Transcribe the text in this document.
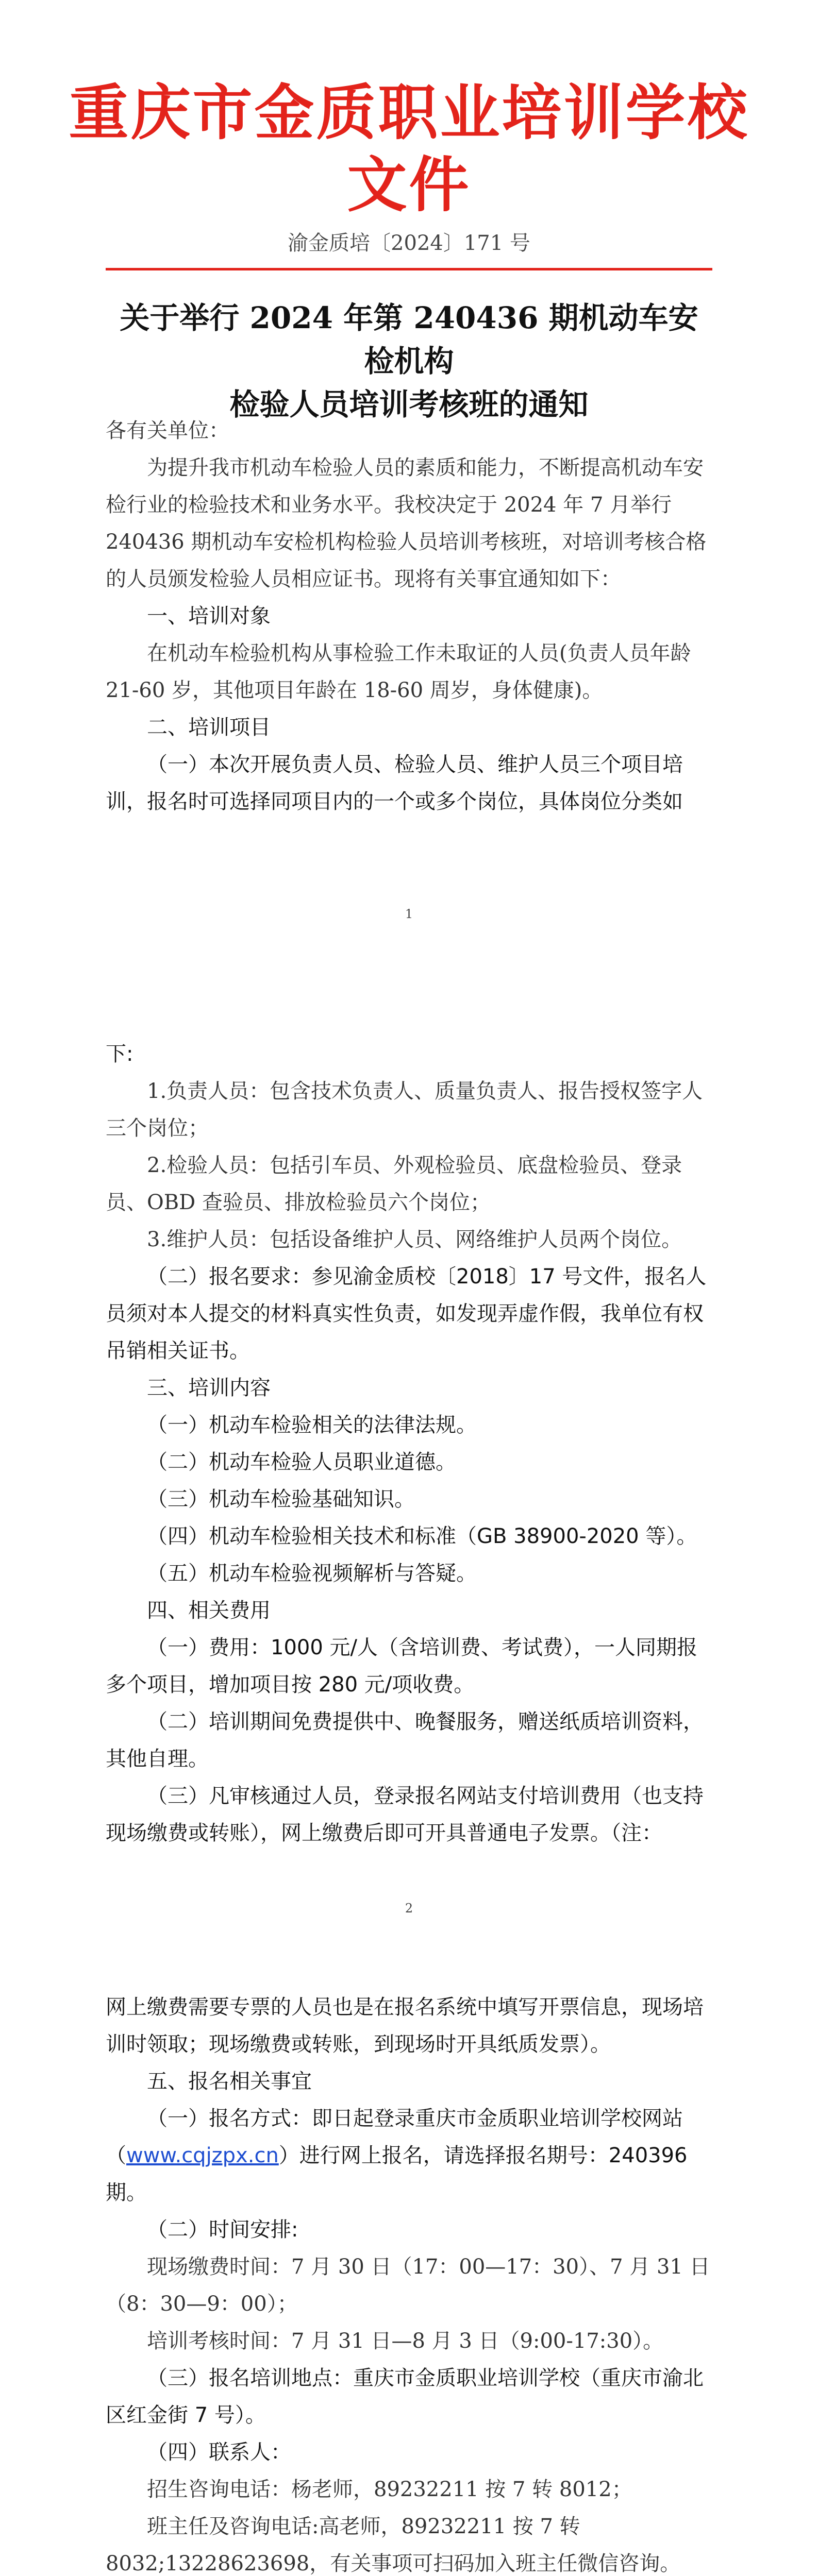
重庆市金质职业培训学校文件
渝金质培〔2024〕171 号
关于举行 2024 年第 240436 期机动车安检机构
检验人员培训考核班的通知

各有关单位：

为提升我市机动车检验人员的素质和能力，不断提高机动车安检行业的检验技术和业务水平。我校决定于 2024 年 7 月举行 240436 期机动车安检机构检验人员培训考核班，对培训考核合格的人员颁发检验人员相应证书。现将有关事宜通知如下：

一、培训对象

在机动车检验机构从事检验工作未取证的人员(负责人员年龄 21-60 岁，其他项目年龄在 18-60 周岁，身体健康)。

二、培训项目

（一）本次开展负责人员、检验人员、维护人员三个项目培训，报名时可选择同项目内的一个或多个岗位，具体岗位分类如

1

下:

1.负责人员：包含技术负责人、质量负责人、报告授权签字人三个岗位；

2.检验人员：包括引车员、外观检验员、底盘检验员、登录员、OBD 查验员、排放检验员六个岗位；

3.维护人员：包括设备维护人员、网络维护人员两个岗位。

（二）报名要求：参见渝金质校〔2018〕17 号文件，报名人员须对本人提交的材料真实性负责，如发现弄虚作假，我单位有权吊销相关证书。

三、培训内容

（一）机动车检验相关的法律法规。

（二）机动车检验人员职业道德。

（三）机动车检验基础知识。

（四）机动车检验相关技术和标准（GB 38900-2020 等）。

（五）机动车检验视频解析与答疑。

四、相关费用

（一）费用：1000 元/人（含培训费、考试费），一人同期报多个项目，增加项目按 280 元/项收费。

（二）培训期间免费提供中、晚餐服务，赠送纸质培训资料，其他自理。

（三）凡审核通过人员，登录报名网站支付培训费用（也支持现场缴费或转账），网上缴费后即可开具普通电子发票。（注：

2

网上缴费需要专票的人员也是在报名系统中填写开票信息，现场培训时领取；现场缴费或转账，到现场时开具纸质发票）。

五、报名相关事宜

（一）报名方式：即日起登录重庆市金质职业培训学校网站（www.cqjzpx.cn）进行网上报名，请选择报名期号：240396 期。

（二）时间安排:

现场缴费时间：7 月 30 日（17：00—17：30）、7 月 31 日（8：30—9：00）；

培训考核时间：7 月 31 日—8 月 3 日（9:00-17:30）。

（三）报名培训地点：重庆市金质职业培训学校（重庆市渝北区红金街 7 号）。

（四）联系人：

招生咨询电话：杨老师，89232211 按 7 转 8012；

班主任及咨询电话:高老师，89232211 按 7 转 8032;13228623698，有关事项可扫码加入班主任微信咨询。
